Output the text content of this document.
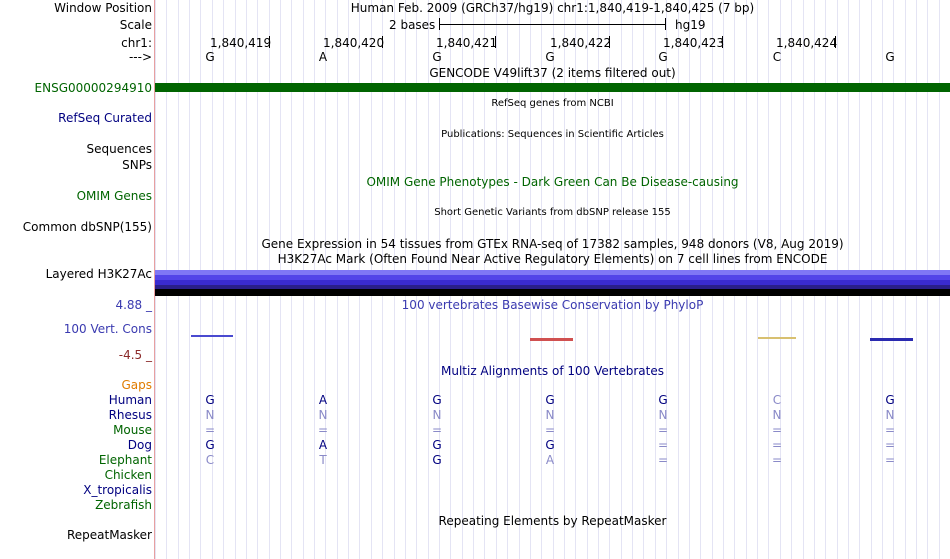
Window Position
Scale
chr1:
--->
Human Feb. 2009 (GRCh37/hg19) chr1:1,840,419-1,840,425 (7 bp)
2 bases	hg19
1,840,419	1,840,420	1,840,421	1,840,422	1,840,423	1,840,424
G	A	G	G	G	C	G
GENCODE V49lift37 (2 items filtered out)
ENSG00000294910
RefSeq genes from NCBI
RefSeq Curated
Publications: Sequences in Scientific Articles
Sequences
SNPs
OMIM Gene Phenotypes - Dark Green Can Be Disease-causing
OMIM Genes
Short Genetic Variants from dbSNP release 155
Common dbSNP(155)
Gene Expression in 54 tissues from GTEx RNA-seq of 17382 samples, 948 donors (V8, Aug 2019)
H3K27Ac Mark (Often Found Near Active Regulatory Elements) on 7 cell lines from ENCODE
Layered H3K27Ac
4.88 _	100 vertebrates Basewise Conservation by PhyloP
100 Vert. Cons
-4.5 _
Multiz Alignments of 100 Vertebrates
Gaps
Human	G	A	G	G	G	C	G
Rhesus	N	N	N	N	N	N	N
Mouse	=	=	=	=	=	=	=
Dog	G	A	G	G	=	=	=
Elephant	C	T	G	A	=	=	=
Chicken
X_tropicalis
Zebrafish
Repeating Elements by RepeatMasker
RepeatMasker
